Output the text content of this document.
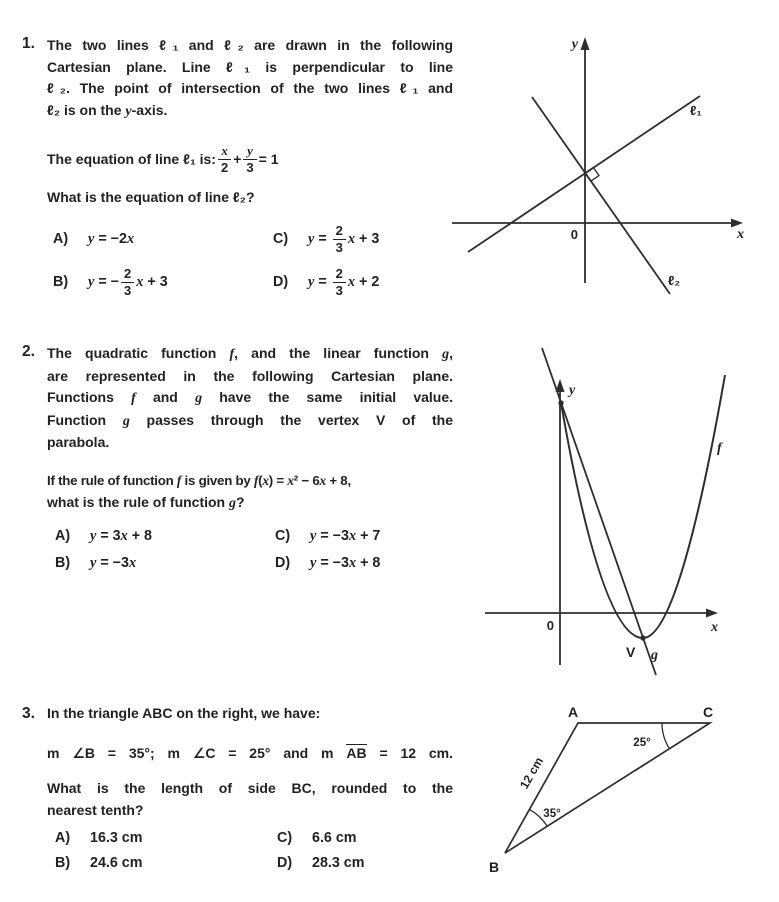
1. The two lines ℓ₁ and ℓ₂ are drawn in the following
Cartesian plane. Line ℓ₁ is perpendicular to line
ℓ₂. The point of intersection of the two lines ℓ₁ and
ℓ₂ is on the y-axis.
The equation of line ℓ₁ is: $\frac{x}{2} + \frac{y}{3} = 1$
What is the equation of line ℓ₂?
A)	y = −2x	C)	$y = \frac{2}{3}$ x + 3
B)	y = − $\frac{2}{3}$ x + 3	D)	$y = \frac{2}{3}$ x + 2
y
x
0
ℓ₁
ℓ₂
2. The quadratic function f, and the linear function g,
are represented in the following Cartesian plane.
Functions f and g have the same initial value.
Function g passes through the vertex V of the
parabola.
If the rule of function f is given by f(x) = x² − 6x + 8,
what is the rule of function g?
A)	y = 3x + 8	C)	y = −3x + 7
B)	y = −3x	D)	y = −3x + 8
y
x
0
f
V g
3. In the triangle ABC on the right, we have:
m ∠B = 35°; m ∠C = 25° and m AB = 12 cm.
What is the length of side BC, rounded to the
nearest tenth?
A)	16.3 cm	C)	6.6 cm
B)	24.6 cm	D)	28.3 cm
A	C
B
25°
35°
12 cm
